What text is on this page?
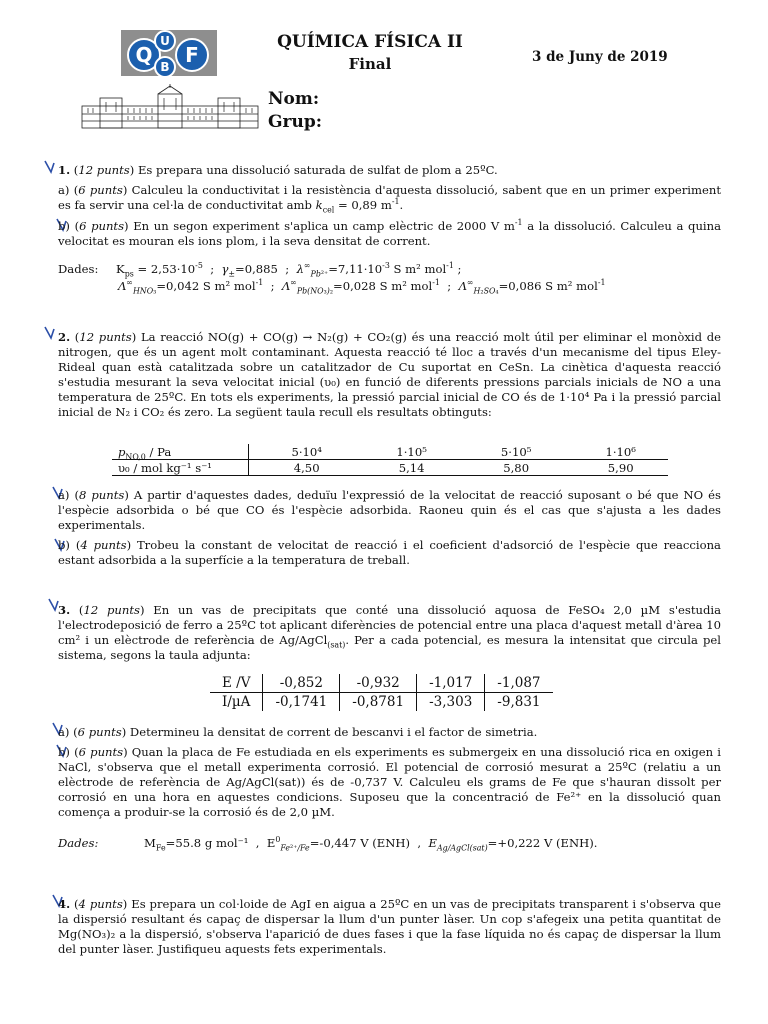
Q
U
B F
QUÍMICA FÍSICA II
Final	3 de Juny de 2019
Nom:
Grup:

1. (12 punts) Es prepara una dissolució saturada de sulfat de plom a 25ºC.

a) (6 punts) Calculeu la conductivitat i la resistència d'aquesta dissolució, sabent que en un primer experiment es fa servir una cel·la de conductivitat amb $k_{cel} = 0,89$ $m^{-1}$.

b) (6 punts) En un segon experiment s'aplica un camp elèctric de 2000 V $m^{-1}$ a la dissolució. Calculeu a quina velocitat es mouran els ions plom, i la seva densitat de corrent.

Dades: $K_{ps} = 2,53\cdot 10^{-5}$  ;  $\gamma_\pm=0,885$  ;  $\lambda^\infty_{Pb^{2+}}=7,11\cdot 10^{-3}$ S m² mol$^{-1}$ ;
$\Lambda^\infty_{HNO_3}=0,042$ S m² mol$^{-1}$  ;  $\Lambda^\infty_{Pb(NO_3)_2}=0,028$ S m² mol$^{-1}$  ;  $\Lambda^\infty_{H_2SO_4}=0,086$ S m² mol$^{-1}$

2. (12 punts) La reacció NO(g) + CO(g) → N₂(g) + CO₂(g) és una reacció molt útil per eliminar el monòxid de nitrogen, que és un agent molt contaminant. Aquesta reacció té lloc a través d'un mecanisme del tipus Eley-Rideal quan està catalitzada sobre un catalitzador de Cu suportat en CeSn. La cinètica d'aquesta reacció s'estudia mesurant la seva velocitat inicial (υ₀) en funció de diferents pressions parcials inicials de NO a una temperatura de 25ºC. En tots els experiments, la pressió parcial inicial de CO és de 1·10⁴ Pa i la pressió parcial inicial de N₂ i CO₂ és zero. La següent taula recull els resultats obtinguts:

$p_{NO,0}$ / Pa	5·10⁴	1·10⁵	5·10⁵	1·10⁶
υ₀ / mol kg⁻¹ s⁻¹	4,50	5,14	5,80	5,90

a) (8 punts) A partir d'aquestes dades, deduïu l'expressió de la velocitat de reacció suposant o bé que NO és l'espècie adsorbida o bé que CO és l'espècie adsorbida. Raoneu quin és el cas que s'ajusta a les dades experimentals.

b) (4 punts) Trobeu la constant de velocitat de reacció i el coeficient d'adsorció de l'espècie que reacciona estant adsorbida a la superfície a la temperatura de treball.

3. (12 punts) En un vas de precipitats que conté una dissolució aquosa de FeSO₄ 2,0 µM s'estudia l'electrodeposició de ferro a 25ºC tot aplicant diferències de potencial entre una placa d'aquest metall d'àrea 10 cm² i un elèctrode de referència de Ag/AgCl$_{(sat)}$. Per a cada potencial, es mesura la intensitat que circula pel sistema, segons la taula adjunta:

E /V	-0,852	-0,932	-1,017	-1,087
I/µA	-0,1741	-0,8781	-3,303	-9,831

a) (6 punts) Determineu la densitat de corrent de bescanvi i el factor de simetria.

b) (6 punts) Quan la placa de Fe estudiada en els experiments es submergeix en una dissolució rica en oxigen i NaCl, s'observa que el metall experimenta corrosió. El potencial de corrosió mesurat a 25ºC (relatiu a un elèctrode de referència de Ag/AgCl(sat)) és de -0,737 V. Calculeu els grams de Fe que s'hauran dissolt per corrosió en una hora en aquestes condicions. Suposeu que la concentració de Fe²⁺ en la dissolució quan comença a produir-se la corrosió és de 2,0 µM.

Dades:	$M_{Fe}=55.8$ g mol⁻¹  ,  $E^0_{Fe^{2+}/Fe}=-0,447$ V (ENH)  ,  $E_{Ag/AgCl(sat)}=+0,222$ V (ENH).

4. (4 punts) Es prepara un col·loide de AgI en aigua a 25ºC en un vas de precipitats transparent i s'observa que la dispersió resultant és capaç de dispersar la llum d'un punter làser. Un cop s'afegeix una petita quantitat de Mg(NO₃)₂ a la dispersió, s'observa l'aparició de dues fases i que la fase líquida no és capaç de dispersar la llum del punter làser. Justifiqueu aquests fets experimentals.
